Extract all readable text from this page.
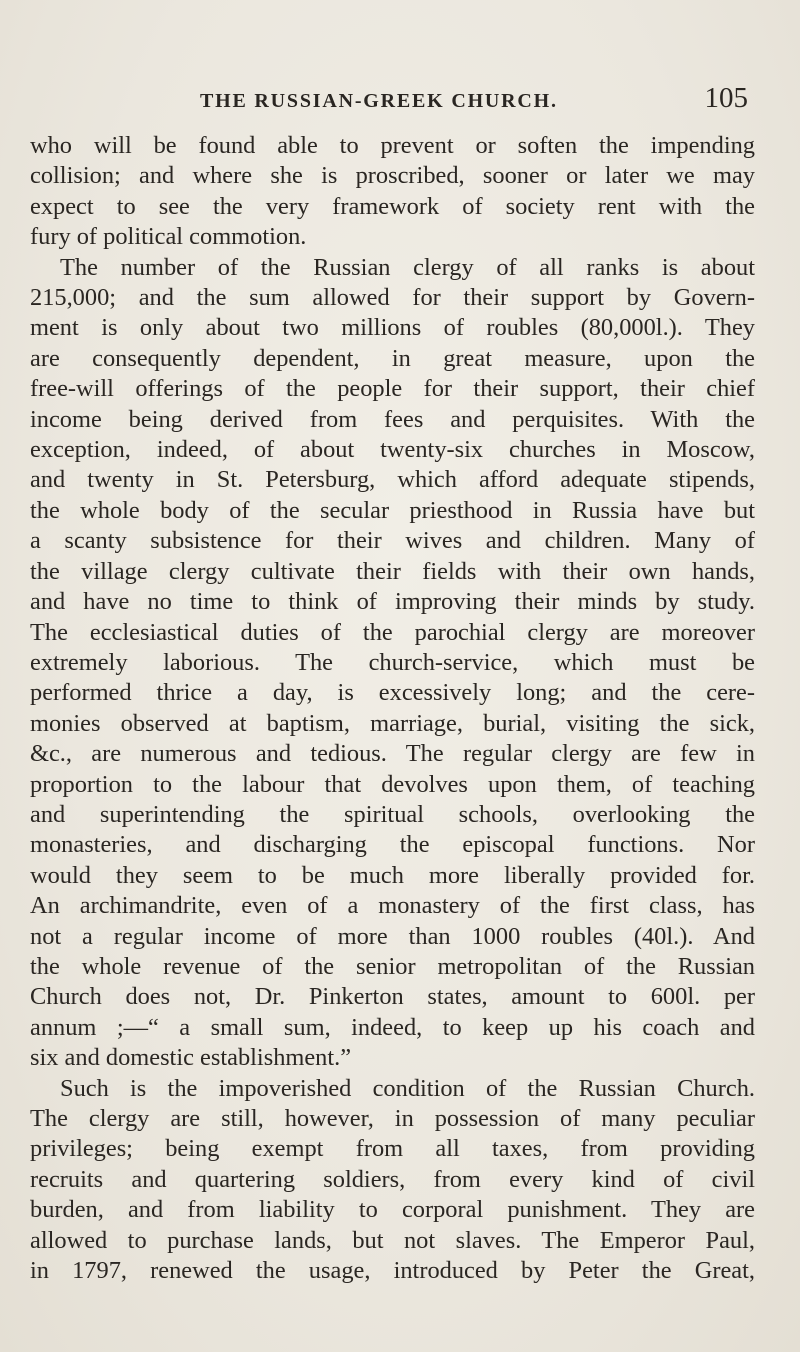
THE RUSSIAN-GREEK CHURCH.	105
who will be found able to prevent or soften the impending
collision; and where she is proscribed, sooner or later we may
expect to see the very framework of society rent with the
fury of political commotion.
The number of the Russian clergy of all ranks is about
215,000; and the sum allowed for their support by Govern-
ment is only about two millions of roubles (80,000l.). They
are consequently dependent, in great measure, upon the
free-will offerings of the people for their support, their chief
income being derived from fees and perquisites. With the
exception, indeed, of about twenty-six churches in Moscow,
and twenty in St. Petersburg, which afford adequate stipends,
the whole body of the secular priesthood in Russia have but
a scanty subsistence for their wives and children. Many of
the village clergy cultivate their fields with their own hands,
and have no time to think of improving their minds by study.
The ecclesiastical duties of the parochial clergy are moreover
extremely laborious. The church-service, which must be
performed thrice a day, is excessively long; and the cere-
monies observed at baptism, marriage, burial, visiting the sick,
&c., are numerous and tedious. The regular clergy are few in
proportion to the labour that devolves upon them, of teaching
and superintending the spiritual schools, overlooking the
monasteries, and discharging the episcopal functions. Nor
would they seem to be much more liberally provided for.
An archimandrite, even of a monastery of the first class, has
not a regular income of more than 1000 roubles (40l.). And
the whole revenue of the senior metropolitan of the Russian
Church does not, Dr. Pinkerton states, amount to 600l. per
annum ;—“ a small sum, indeed, to keep up his coach and
six and domestic establishment.”
Such is the impoverished condition of the Russian Church.
The clergy are still, however, in possession of many peculiar
privileges; being exempt from all taxes, from providing
recruits and quartering soldiers, from every kind of civil
burden, and from liability to corporal punishment. They are
allowed to purchase lands, but not slaves. The Emperor Paul,
in 1797, renewed the usage, introduced by Peter the Great,
